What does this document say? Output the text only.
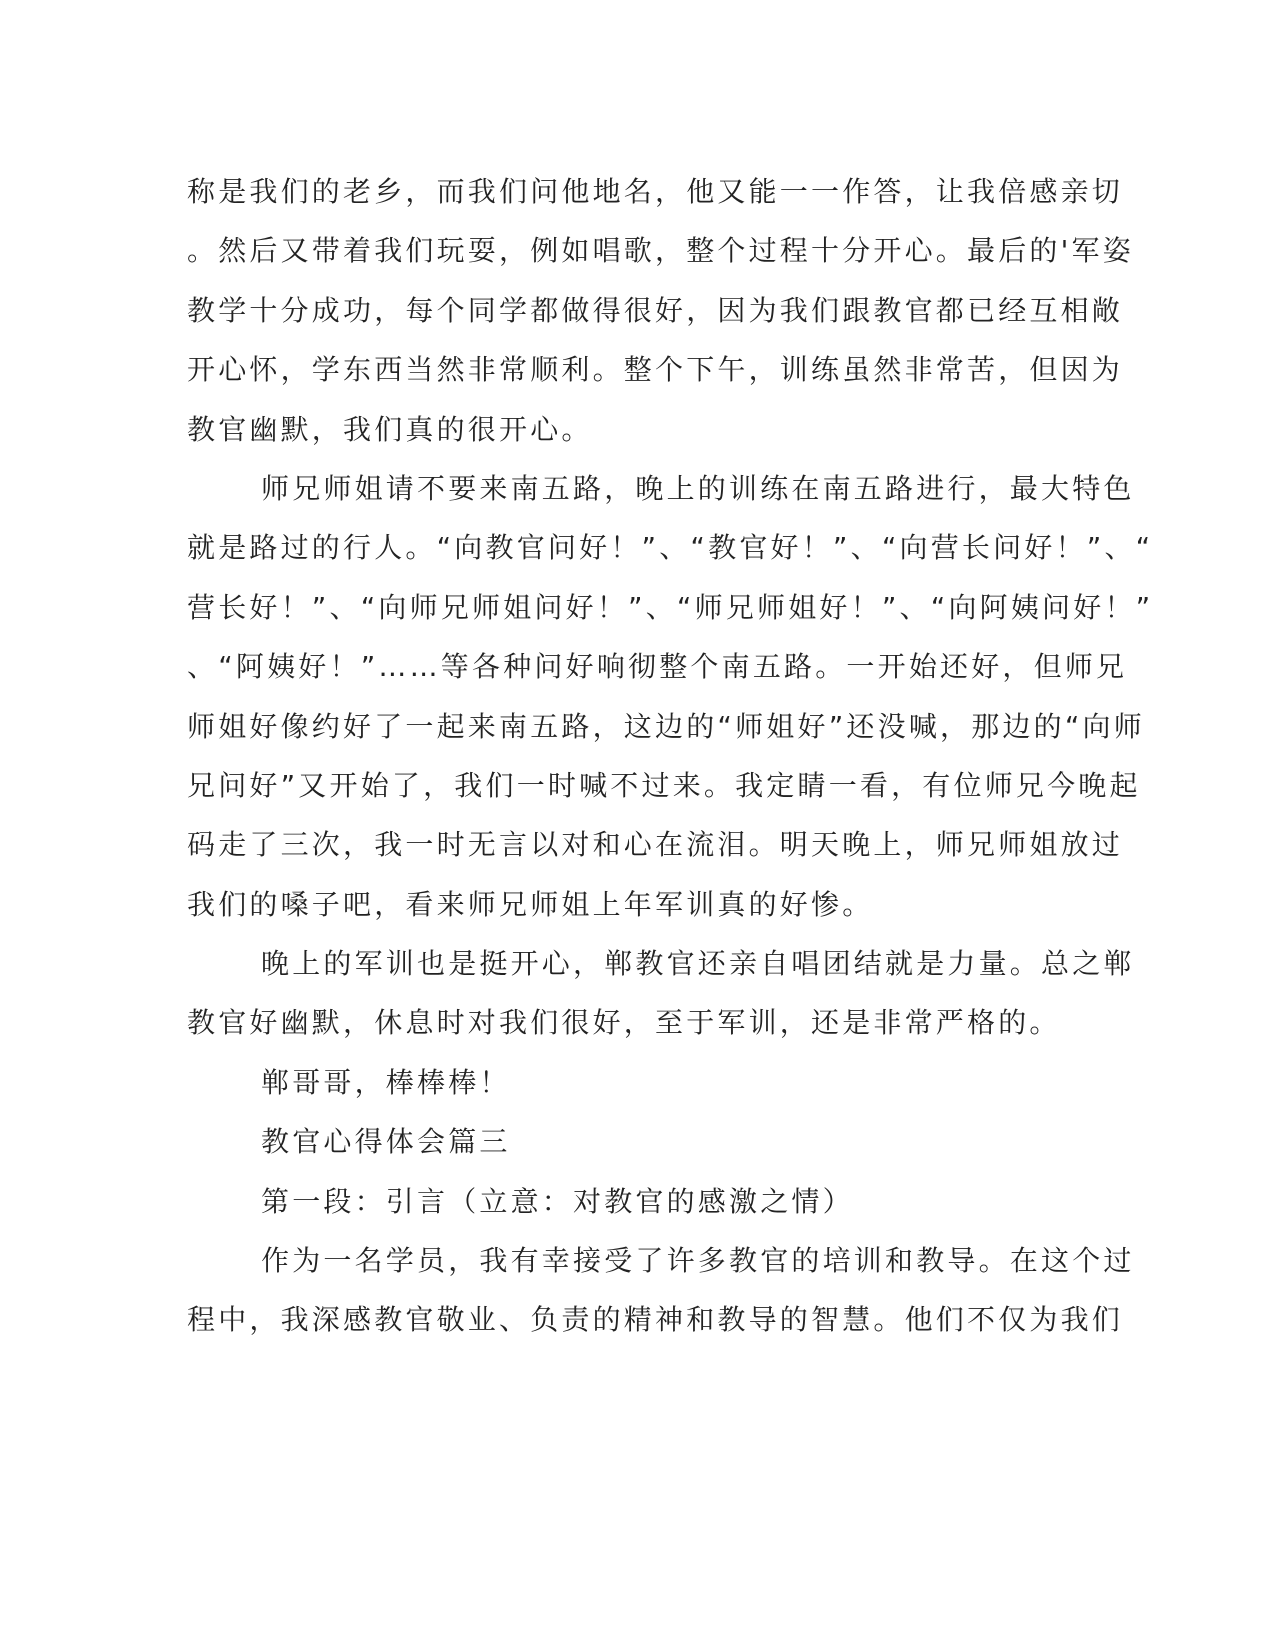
称是我们的老乡，而我们问他地名，他又能一一作答，让我倍感亲切
。然后又带着我们玩耍，例如唱歌，整个过程十分开心。最后的'军姿
教学十分成功，每个同学都做得很好，因为我们跟教官都已经互相敞
开心怀，学东西当然非常顺利。整个下午，训练虽然非常苦，但因为
教官幽默，我们真的很开心。
师兄师姐请不要来南五路，晚上的训练在南五路进行，最大特色
就是路过的行人。“向教官问好！”、“教官好！”、“向营长问好！”、“
营长好！”、“向师兄师姐问好！”、“师兄师姐好！”、“向阿姨问好！”
、“阿姨好！”……等各种问好响彻整个南五路。一开始还好，但师兄
师姐好像约好了一起来南五路，这边的“师姐好”还没喊，那边的“向师
兄问好”又开始了，我们一时喊不过来。我定睛一看，有位师兄今晚起
码走了三次，我一时无言以对和心在流泪。明天晚上，师兄师姐放过
我们的嗓子吧，看来师兄师姐上年军训真的好惨。
晚上的军训也是挺开心，郸教官还亲自唱团结就是力量。总之郸
教官好幽默，休息时对我们很好，至于军训，还是非常严格的。
郸哥哥，棒棒棒！
教官心得体会篇三
第一段：引言（立意：对教官的感激之情）
作为一名学员，我有幸接受了许多教官的培训和教导。在这个过
程中，我深感教官敬业、负责的精神和教导的智慧。他们不仅为我们
